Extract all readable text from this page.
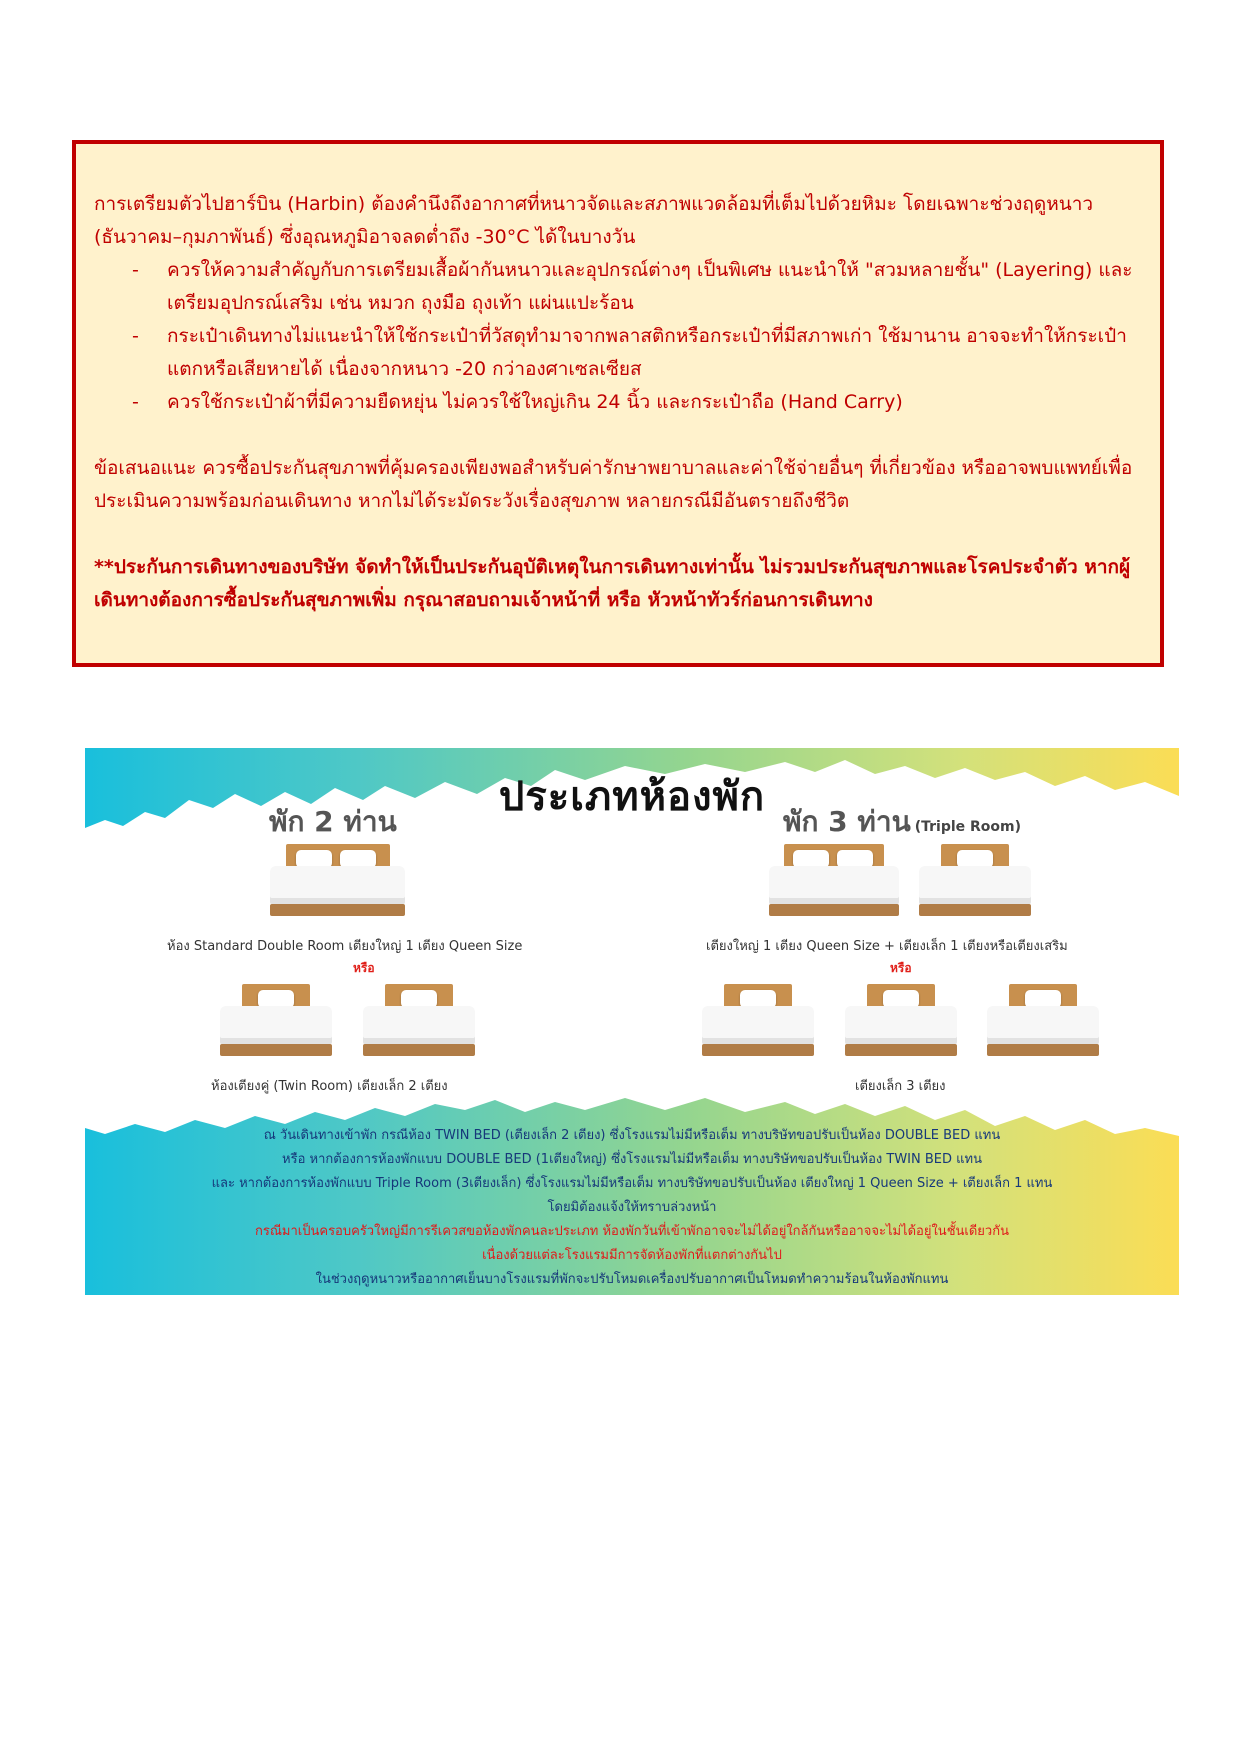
การเตรียมตัวไปฮาร์บิน (Harbin) ต้องคำนึงถึงอากาศที่หนาวจัดและสภาพแวดล้อมที่เต็มไปด้วยหิมะ โดยเฉพาะช่วงฤดูหนาว (ธันวาคม–กุมภาพันธ์) ซึ่งอุณหภูมิอาจลดต่ำถึง -30°C ได้ในบางวัน

- ควรให้ความสำคัญกับการเตรียมเสื้อผ้ากันหนาวและอุปกรณ์ต่างๆ เป็นพิเศษ แนะนำให้ "สวมหลายชั้น" (Layering) และเตรียมอุปกรณ์เสริม เช่น หมวก ถุงมือ ถุงเท้า แผ่นแปะร้อน
- กระเป๋าเดินทางไม่แนะนำให้ใช้กระเป๋าที่วัสดุทำมาจากพลาสติกหรือกระเป๋าที่มีสภาพเก่า ใช้มานาน อาจจะทำให้กระเป๋าแตกหรือเสียหายได้ เนื่องจากหนาว -20 กว่าองศาเซลเซียส
- ควรใช้กระเป๋าผ้าที่มีความยืดหยุ่น ไม่ควรใช้ใหญ่เกิน 24 นิ้ว และกระเป๋าถือ (Hand Carry)

ข้อเสนอแนะ ควรซื้อประกันสุขภาพที่คุ้มครองเพียงพอสำหรับค่ารักษาพยาบาลและค่าใช้จ่ายอื่นๆ ที่เกี่ยวข้อง หรืออาจพบแพทย์เพื่อประเมินความพร้อมก่อนเดินทาง หากไม่ได้ระมัดระวังเรื่องสุขภาพ หลายกรณีมีอันตรายถึงชีวิต

**ประกันการเดินทางของบริษัท จัดทำให้เป็นประกันอุบัติเหตุในการเดินทางเท่านั้น ไม่รวมประกันสุขภาพและโรคประจำตัว หากผู้เดินทางต้องการซื้อประกันสุขภาพเพิ่ม กรุณาสอบถามเจ้าหน้าที่ หรือ หัวหน้าทัวร์ก่อนการเดินทาง

ประเภทห้องพัก
พัก 2 ท่าน
ห้อง Standard Double Room เตียงใหญ่ 1 เตียง Queen Size
หรือ
ห้องเตียงคู่ (Twin Room) เตียงเล็ก 2 เตียง
พัก 3 ท่าน (Triple Room)
เตียงใหญ่ 1 เตียง Queen Size + เตียงเล็ก 1 เตียงหรือเตียงเสริม
หรือ
เตียงเล็ก 3 เตียง

ณ วันเดินทางเข้าพัก กรณีห้อง TWIN BED (เตียงเล็ก 2 เตียง) ซึ่งโรงแรมไม่มีหรือเต็ม ทางบริษัทขอปรับเป็นห้อง DOUBLE BED แทน

หรือ หากต้องการห้องพักแบบ DOUBLE BED (1เตียงใหญ่) ซึ่งโรงแรมไม่มีหรือเต็ม ทางบริษัทขอปรับเป็นห้อง TWIN BED แทน

และ หากต้องการห้องพักแบบ Triple Room (3เตียงเล็ก) ซึ่งโรงแรมไม่มีหรือเต็ม ทางบริษัทขอปรับเป็นห้อง เตียงใหญ่ 1 Queen Size + เตียงเล็ก 1 แทน

โดยมิต้องแจ้งให้ทราบล่วงหน้า

กรณีมาเป็นครอบครัวใหญ่มีการรีเควสขอห้องพักคนละประเภท ห้องพักวันที่เข้าพักอาจจะไม่ได้อยู่ใกล้กันหรืออาจจะไม่ได้อยู่ในชั้นเดียวกัน

เนื่องด้วยแต่ละโรงแรมมีการจัดห้องพักที่แตกต่างกันไป

ในช่วงฤดูหนาวหรืออากาศเย็นบางโรงแรมที่พักจะปรับโหมดเครื่องปรับอากาศเป็นโหมดทำความร้อนในห้องพักแทน
